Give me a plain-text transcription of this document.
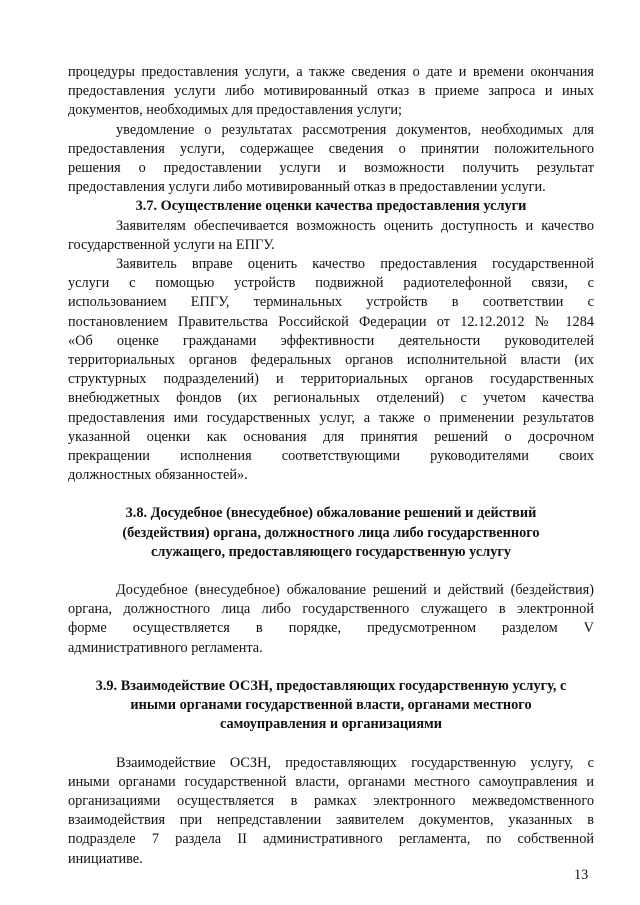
процедуры предоставления услуги, а также сведения о дате и времени окончания

предоставления услуги либо мотивированный отказ в приеме запроса и иных

документов, необходимых для предоставления услуги;

уведомление о результатах рассмотрения документов, необходимых для

предоставления услуги, содержащее сведения о принятии положительного

решения о предоставлении услуги и возможности получить результат

предоставления услуги либо мотивированный отказ в предоставлении услуги.

3.7. Осуществление оценки качества предоставления услуги

Заявителям обеспечивается возможность оценить доступность и качество

государственной услуги на ЕПГУ.

Заявитель вправе оценить качество предоставления государственной

услуги с помощью устройств подвижной радиотелефонной связи, с

использованием ЕПГУ, терминальных устройств в соответствии с

постановлением Правительства Российской Федерации от 12.12.2012 № 1284

«Об оценке гражданами эффективности деятельности руководителей

территориальных органов федеральных органов исполнительной власти (их

структурных подразделений) и территориальных органов государственных

внебюджетных фондов (их региональных отделений) с учетом качества

предоставления ими государственных услуг, а также о применении результатов

указанной оценки как основания для принятия решений о досрочном

прекращении исполнения соответствующими руководителями своих

должностных обязанностей».

3.8. Досудебное (внесудебное) обжалование решений и действий

(бездействия) органа, должностного лица либо государственного

служащего, предоставляющего государственную услугу

Досудебное (внесудебное) обжалование решений и действий (бездействия)

органа, должностного лица либо государственного служащего в электронной

форме осуществляется в порядке, предусмотренном разделом V

административного регламента.

3.9. Взаимодействие ОСЗН, предоставляющих государственную услугу, с

иными органами государственной власти, органами местного

самоуправления и организациями

Взаимодействие ОСЗН, предоставляющих государственную услугу, с

иными органами государственной власти, органами местного самоуправления и

организациями осуществляется в рамках электронного межведомственного

взаимодействия при непредставлении заявителем документов, указанных в

подразделе 7 раздела II административного регламента, по собственной

инициативе.

13
